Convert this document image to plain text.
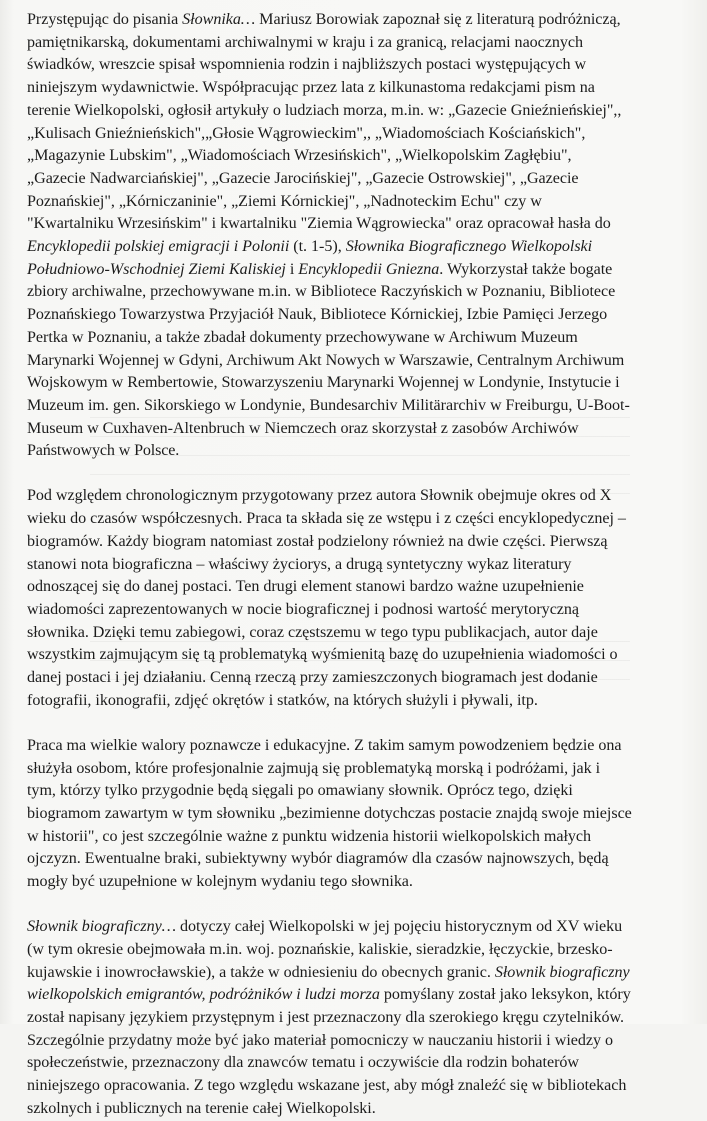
Przystępując do pisania Słownika… Mariusz Borowiak zapoznał się z literaturą podróżniczą,
pamiętnikarską, dokumentami archiwalnymi w kraju i za granicą, relacjami naocznych
świadków, wreszcie spisał wspomnienia rodzin i najbliższych postaci występujących w
niniejszym wydawnictwie. Współpracując przez lata z kilkunastoma redakcjami pism na
terenie Wielkopolski, ogłosił artykuły o ludziach morza, m.in. w: „Gazecie Gnieźnieńskiej",,
„Kulisach Gnieźnieńskich",„Głosie Wągrowieckim",, „Wiadomościach Kościańskich",
„Magazynie Lubskim", „Wiadomościach Wrzesińskich", „Wielkopolskim Zagłębiu",
„Gazecie Nadwarciańskiej", „Gazecie Jarocińskiej", „Gazecie Ostrowskiej", „Gazecie
Poznańskiej", „Kórniczaninie", „Ziemi Kórnickiej", „Nadnoteckim Echu" czy w
"Kwartalniku Wrzesińskim" i kwartalniku "Ziemia Wągrowiecka" oraz opracował hasła do
Encyklopedii polskiej emigracji i Polonii (t. 1-5), Słownika Biograficznego Wielkopolski
Południowo-Wschodniej Ziemi Kaliskiej i Encyklopedii Gniezna. Wykorzystał także bogate
zbiory archiwalne, przechowywane m.in. w Bibliotece Raczyńskich w Poznaniu, Bibliotece
Poznańskiego Towarzystwa Przyjaciół Nauk, Bibliotece Kórnickiej, Izbie Pamięci Jerzego
Pertka w Poznaniu, a także zbadał dokumenty przechowywane w Archiwum Muzeum
Marynarki Wojennej w Gdyni, Archiwum Akt Nowych w Warszawie, Centralnym Archiwum
Wojskowym w Rembertowie, Stowarzyszeniu Marynarki Wojennej w Londynie, Instytucie i
Muzeum im. gen. Sikorskiego w Londynie, Bundesarchiv Militärarchiv w Freiburgu, U-Boot-
Museum w Cuxhaven-Altenbruch w Niemczech oraz skorzystał z zasobów Archiwów
Państwowych w Polsce.
Pod względem chronologicznym przygotowany przez autora Słownik obejmuje okres od X
wieku do czasów współczesnych. Praca ta składa się ze wstępu i z części encyklopedycznej –
biogramów. Każdy biogram natomiast został podzielony również na dwie części. Pierwszą
stanowi nota biograficzna – właściwy życiorys, a drugą syntetyczny wykaz literatury
odnoszącej się do danej postaci. Ten drugi element stanowi bardzo ważne uzupełnienie
wiadomości zaprezentowanych w nocie biograficznej i podnosi wartość merytoryczną
słownika. Dzięki temu zabiegowi, coraz częstszemu w tego typu publikacjach, autor daje
wszystkim zajmującym się tą problematyką wyśmienitą bazę do uzupełnienia wiadomości o
danej postaci i jej działaniu. Cenną rzeczą przy zamieszczonych biogramach jest dodanie
fotografii, ikonografii, zdjęć okrętów i statków, na których służyli i pływali, itp.
Praca ma wielkie walory poznawcze i edukacyjne. Z takim samym powodzeniem będzie ona
służyła osobom, które profesjonalnie zajmują się problematyką morską i podróżami, jak i
tym, którzy tylko przygodnie będą sięgali po omawiany słownik. Oprócz tego, dzięki
biogramom zawartym w tym słowniku „bezimienne dotychczas postacie znajdą swoje miejsce
w historii", co jest szczególnie ważne z punktu widzenia historii wielkopolskich małych
ojczyzn. Ewentualne braki, subiektywny wybór diagramów dla czasów najnowszych, będą
mogły być uzupełnione w kolejnym wydaniu tego słownika.
Słownik biograficzny… dotyczy całej Wielkopolski w jej pojęciu historycznym od XV wieku
(w tym okresie obejmowała m.in. woj. poznańskie, kaliskie, sieradzkie, łęczyckie, brzesko-
kujawskie i inowrocławskie), a także w odniesieniu do obecnych granic. Słownik biograficzny
wielkopolskich emigrantów, podróżników i ludzi morza pomyślany został jako leksykon, który
został napisany językiem przystępnym i jest przeznaczony dla szerokiego kręgu czytelników.
Szczególnie przydatny może być jako materiał pomocniczy w nauczaniu historii i wiedzy o
społeczeństwie, przeznaczony dla znawców tematu i oczywiście dla rodzin bohaterów
niniejszego opracowania. Z tego względu wskazane jest, aby mógł znaleźć się w bibliotekach
szkolnych i publicznych na terenie całej Wielkopolski.
